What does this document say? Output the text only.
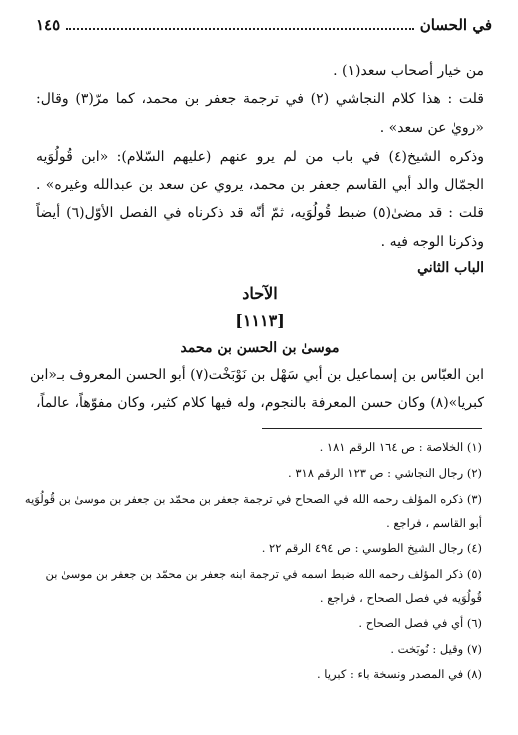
في الحسان
١٤٥
من خيار أصحاب سعد(١) .
قلت : هذا كلام النجاشي (٢) في ترجمة جعفر بن محمد، كما مرّ(٣) وقال:
«رويٰ عن سعد» .
وذكره الشيخ(٤) في باب من لم يرو عنهم (عليهم السّلام): «ابن قُولُوَيه
الجمّال والد أبي القاسم جعفر بن محمد، يروي عن سعد بن عبدالله وغيره» .
قلت : قد مضىٰ(٥) ضبط قُولُوَيه، ثمّ أنّه قد ذكرناه في الفصل الأوّل(٦) أيضاً
وذكرنا الوجه فيه .
الباب الثاني
الآحاد
[١١١٣]
موسىٰ بن الحسن بن محمد
ابن العبّاس بن إسماعيل بن أبي سَهْل بن نَوْبَخْت(٧) أبو الحسن المعروف بـ«ابن
كبريا»(٨) وكان حسن المعرفة بالنجوم، وله فيها كلام كثير، وكان مفوّهاً، عالماً،
(١) الخلاصة : ص ١٦٤ الرقم ١٨١ .
(٢) رجال النجاشي : ص ١٢٣ الرقم ٣١٨ .
(٣) ذكره المؤلف رحمه الله في الصحاح في ترجمة جعفر بن محمّد بن جعفر بن موسىٰ بن قُولُوَيه
أبو القاسم ، فراجع .
(٤) رجال الشيخ الطوسي : ص ٤٩٤ الرقم ٢٢ .
(٥) ذكر المؤلف رحمه الله ضبط اسمه في ترجمة ابنه جعفر بن محمّد بن جعفر بن موسىٰ بن
قُولُوَيه في فصل الصحاح ، فراجع .
(٦) أي في فصل الصحاح .
(٧) وقيل : نُوبَخت .
(٨) في المصدر ونسخة باء : كبريا .
